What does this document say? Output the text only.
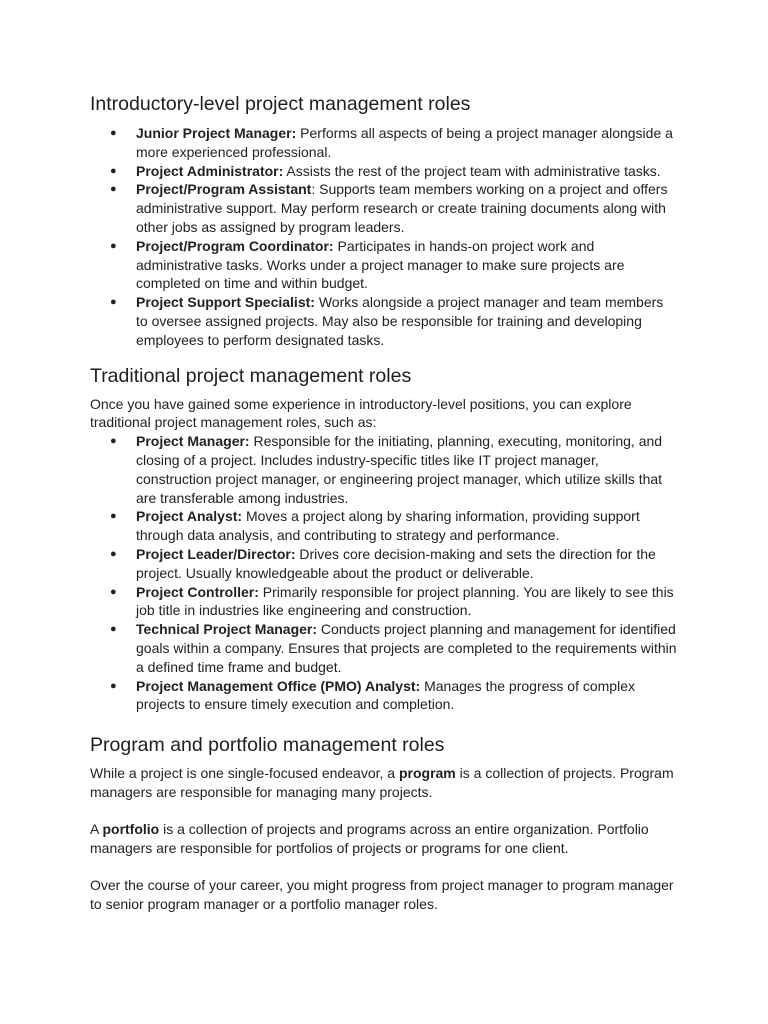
Introductory-level project management roles
● Junior Project Manager: Performs all aspects of being a project manager alongside a more experienced professional.
● Project Administrator: Assists the rest of the project team with administrative tasks.
● Project/Program Assistant: Supports team members working on a project and offers administrative support. May perform research or create training documents along with other jobs as assigned by program leaders.
● Project/Program Coordinator: Participates in hands-on project work and administrative tasks. Works under a project manager to make sure projects are completed on time and within budget.
● Project Support Specialist: Works alongside a project manager and team members to oversee assigned projects. May also be responsible for training and developing employees to perform designated tasks.
Traditional project management roles

Once you have gained some experience in introductory-level positions, you can explore traditional project management roles, such as:

● Project Manager: Responsible for the initiating, planning, executing, monitoring, and closing of a project. Includes industry-specific titles like IT project manager, construction project manager, or engineering project manager, which utilize skills that are transferable among industries.
● Project Analyst: Moves a project along by sharing information, providing support through data analysis, and contributing to strategy and performance.
● Project Leader/Director: Drives core decision-making and sets the direction for the project. Usually knowledgeable about the product or deliverable.
● Project Controller: Primarily responsible for project planning. You are likely to see this job title in industries like engineering and construction.
● Technical Project Manager: Conducts project planning and management for identified goals within a company. Ensures that projects are completed to the requirements within a defined time frame and budget.
● Project Management Office (PMO) Analyst: Manages the progress of complex projects to ensure timely execution and completion.
Program and portfolio management roles

While a project is one single-focused endeavor, a program is a collection of projects. Program managers are responsible for managing many projects.

A portfolio is a collection of projects and programs across an entire organization. Portfolio managers are responsible for portfolios of projects or programs for one client.

Over the course of your career, you might progress from project manager to program manager to senior program manager or a portfolio manager roles.
